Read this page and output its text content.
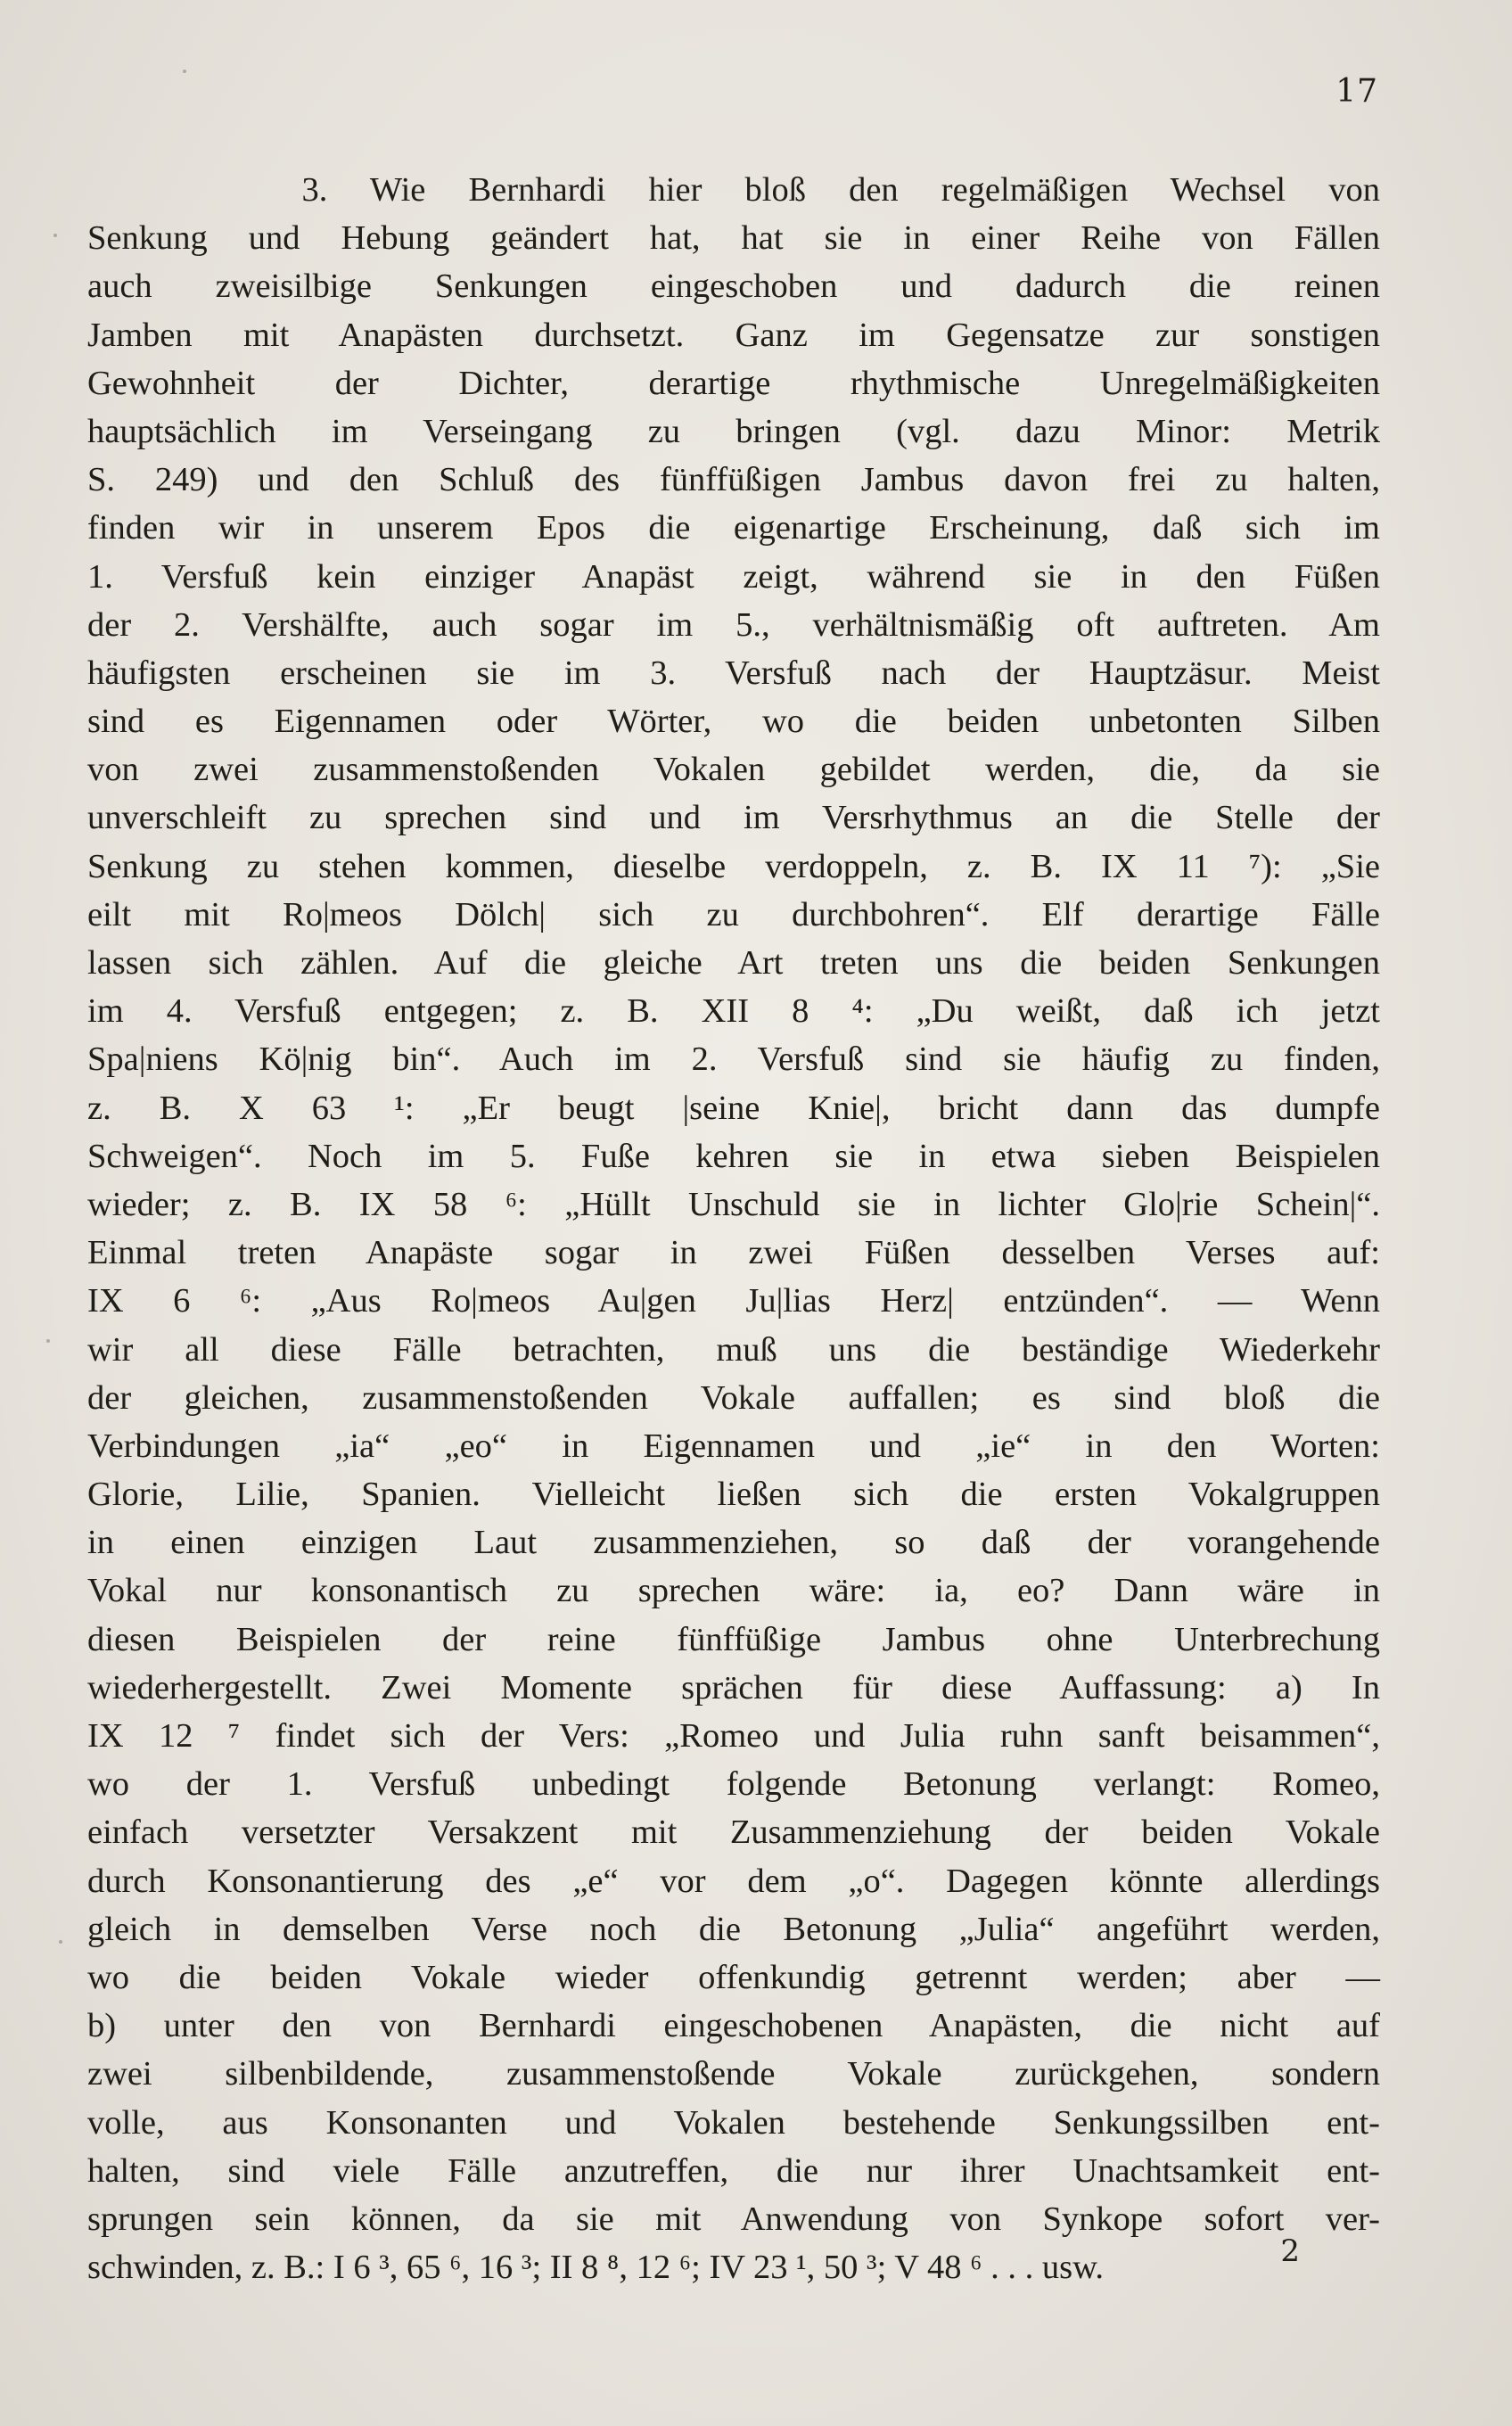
17
3. Wie Bernhardi hier bloß den regelmäßigen Wechsel von
Senkung und Hebung geändert hat, hat sie in einer Reihe von Fällen
auch zweisilbige Senkungen eingeschoben und dadurch die reinen
Jamben mit Anapästen durchsetzt. Ganz im Gegensatze zur sonstigen
Gewohnheit der Dichter, derartige rhythmische Unregelmäßigkeiten
hauptsächlich im Verseingang zu bringen (vgl. dazu Minor: Metrik
S. 249) und den Schluß des fünffüßigen Jambus davon frei zu halten,
finden wir in unserem Epos die eigenartige Erscheinung, daß sich im
1. Versfuß kein einziger Anapäst zeigt, während sie in den Füßen
der 2. Vershälfte, auch sogar im 5., verhältnismäßig oft auftreten. Am
häufigsten erscheinen sie im 3. Versfuß nach der Hauptzäsur. Meist
sind es Eigennamen oder Wörter, wo die beiden unbetonten Silben
von zwei zusammenstoßenden Vokalen gebildet werden, die, da sie
unverschleift zu sprechen sind und im Versrhythmus an die Stelle der
Senkung zu stehen kommen, dieselbe verdoppeln, z. B. IX 11 ⁷): „Sie
eilt mit Ro|meos Dölch| sich zu durchbohren“. Elf derartige Fälle
lassen sich zählen. Auf die gleiche Art treten uns die beiden Senkungen
im 4. Versfuß entgegen; z. B. XII 8 ⁴: „Du weißt, daß ich jetzt
Spa|niens Kö|nig bin“. Auch im 2. Versfuß sind sie häufig zu finden,
z. B. X 63 ¹: „Er beugt |seine Knie|, bricht dann das dumpfe
Schweigen“. Noch im 5. Fuße kehren sie in etwa sieben Beispielen
wieder; z. B. IX 58 ⁶: „Hüllt Unschuld sie in lichter Glo|rie Schein|“.
Einmal treten Anapäste sogar in zwei Füßen desselben Verses auf:
IX 6 ⁶: „Aus Ro|meos Au|gen Ju|lias Herz| entzünden“. — Wenn
wir all diese Fälle betrachten, muß uns die beständige Wiederkehr
der gleichen, zusammenstoßenden Vokale auffallen; es sind bloß die
Verbindungen „ia“ „eo“ in Eigennamen und „ie“ in den Worten:
Glorie, Lilie, Spanien. Vielleicht ließen sich die ersten Vokalgruppen
in einen einzigen Laut zusammenziehen, so daß der vorangehende
Vokal nur konsonantisch zu sprechen wäre: ia, eo? Dann wäre in
diesen Beispielen der reine fünffüßige Jambus ohne Unterbrechung
wiederhergestellt. Zwei Momente sprächen für diese Auffassung: a) In
IX 12 ⁷ findet sich der Vers: „Romeo und Julia ruhn sanft beisammen“,
wo der 1. Versfuß unbedingt folgende Betonung verlangt: Romeo,
einfach versetzter Versakzent mit Zusammenziehung der beiden Vokale
durch Konsonantierung des „e“ vor dem „o“. Dagegen könnte allerdings
gleich in demselben Verse noch die Betonung „Julia“ angeführt werden,
wo die beiden Vokale wieder offenkundig getrennt werden; aber —
b) unter den von Bernhardi eingeschobenen Anapästen, die nicht auf
zwei silbenbildende, zusammenstoßende Vokale zurückgehen, sondern
volle, aus Konsonanten und Vokalen bestehende Senkungssilben ent-
halten, sind viele Fälle anzutreffen, die nur ihrer Unachtsamkeit ent-
sprungen sein können, da sie mit Anwendung von Synkope sofort ver-
schwinden, z. B.: I 6 ³, 65 ⁶, 16 ³; II 8 ⁸, 12 ⁶; IV 23 ¹, 50 ³; V 48 ⁶ . . . usw.	2
